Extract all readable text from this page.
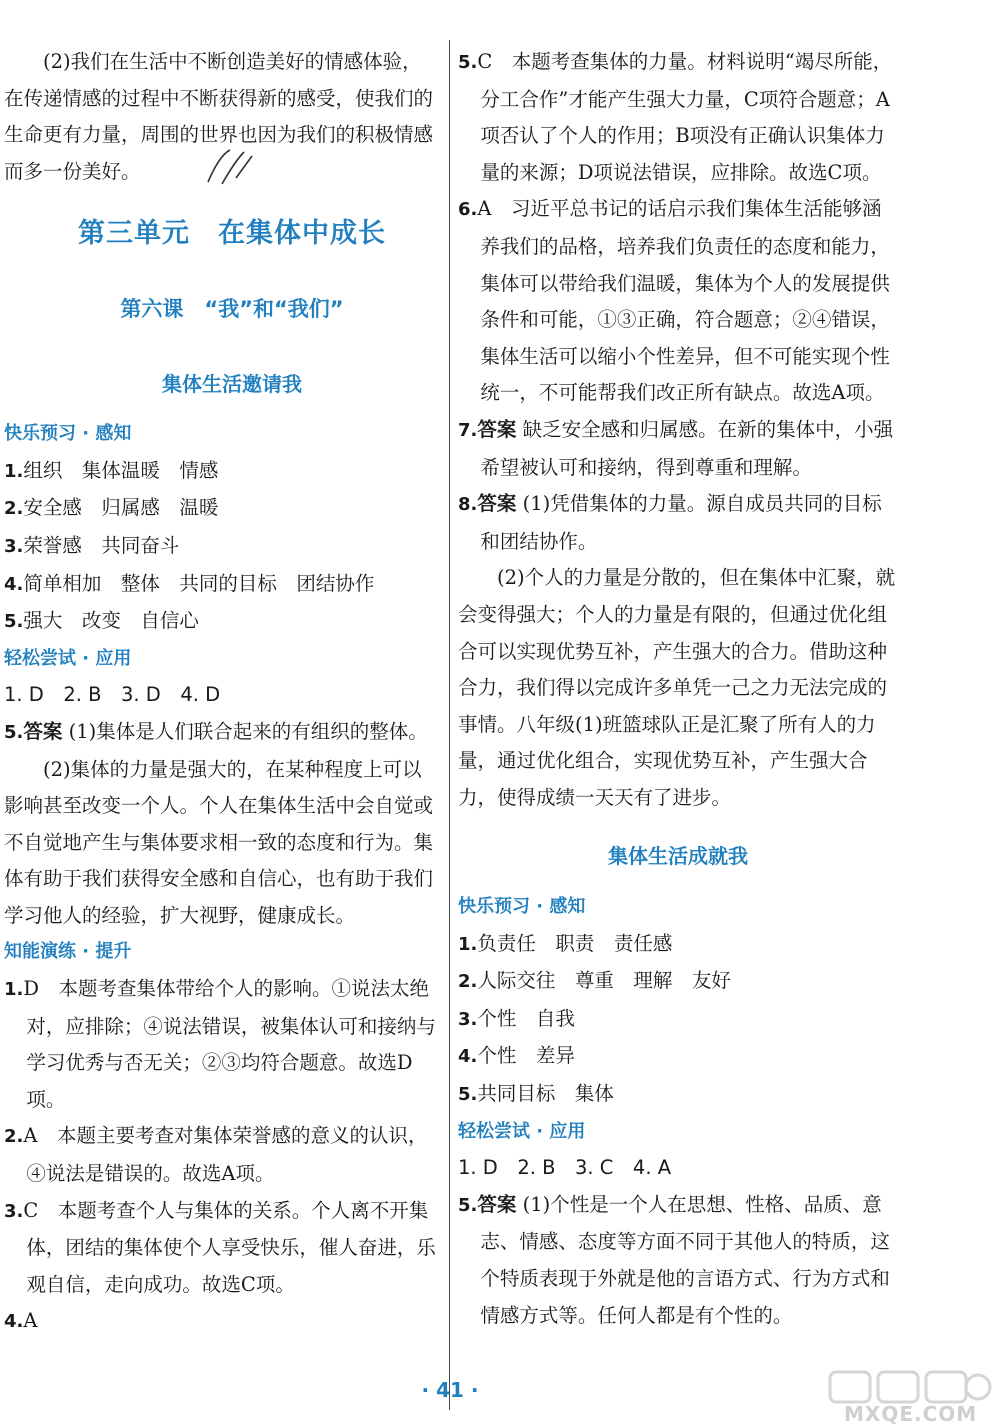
(2)我们在生活中不断创造美好的情感体验，在传递情感的过程中不断获得新的感受，使我们的生命更有力量，周围的世界也因为我们的积极情感而多一份美好。

第三单元　在集体中成长

第六课　“我”和“我们”

集体生活邀请我

快乐预习 · 感知

1.组织　集体温暖　情感

2.安全感　归属感　温暖

3.荣誉感　共同奋斗

4.简单相加　整体　共同的目标　团结协作

5.强大　改变　自信心

轻松尝试 · 应用

1. D　2. B　3. D　4. D

5.答案 (1)集体是人们联合起来的有组织的整体。

(2)集体的力量是强大的，在某种程度上可以影响甚至改变一个人。个人在集体生活中会自觉或不自觉地产生与集体要求相一致的态度和行为。集体有助于我们获得安全感和自信心，也有助于我们学习他人的经验，扩大视野，健康成长。

知能演练 · 提升

1.D　本题考查集体带给个人的影响。①说法太绝对，应排除；④说法错误，被集体认可和接纳与学习优秀与否无关；②③均符合题意。故选D项。

2.A　本题主要考查对集体荣誉感的意义的认识，④说法是错误的。故选A项。

3.C　本题考查个人与集体的关系。个人离不开集体，团结的集体使个人享受快乐，催人奋进，乐观自信，走向成功。故选C项。

4.A

5.C　本题考查集体的力量。材料说明“竭尽所能，分工合作”才能产生强大力量，C项符合题意；A项否认了个人的作用；B项没有正确认识集体力量的来源；D项说法错误，应排除。故选C项。

6.A　习近平总书记的话启示我们集体生活能够涵养我们的品格，培养我们负责任的态度和能力，集体可以带给我们温暖，集体为个人的发展提供条件和可能，①③正确，符合题意；②④错误，集体生活可以缩小个性差异，但不可能实现个性统一，不可能帮我们改正所有缺点。故选A项。

7.答案 缺乏安全感和归属感。在新的集体中，小强希望被认可和接纳，得到尊重和理解。

8.答案 (1)凭借集体的力量。源自成员共同的目标和团结协作。

(2)个人的力量是分散的，但在集体中汇聚，就会变得强大；个人的力量是有限的，但通过优化组合可以实现优势互补，产生强大的合力。借助这种合力，我们得以完成许多单凭一己之力无法完成的事情。八年级(1)班篮球队正是汇聚了所有人的力量，通过优化组合，实现优势互补，产生强大合力，使得成绩一天天有了进步。

集体生活成就我

快乐预习 · 感知

1.负责任　职责　责任感

2.人际交往　尊重　理解　友好

3.个性　自我

4.个性　差异

5.共同目标　集体

轻松尝试 · 应用

1. D　2. B　3. C　4. A

5.答案 (1)个性是一个人在思想、性格、品质、意志、情感、态度等方面不同于其他人的特质，这个特质表现于外就是他的言语方式、行为方式和情感方式等。任何人都是有个性的。

· 41 ·
MXQE.COM
